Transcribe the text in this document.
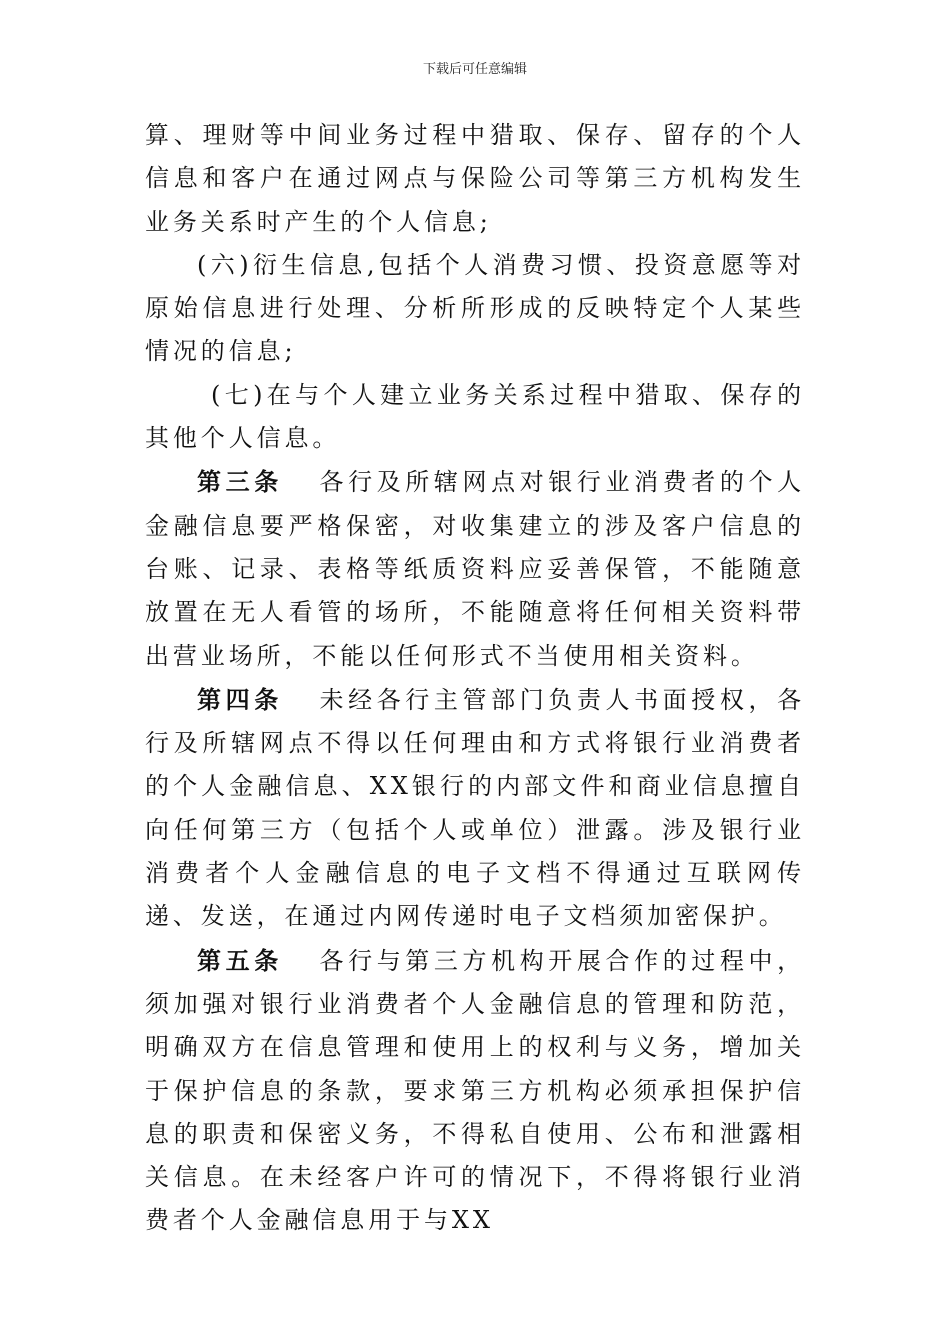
下载后可任意编辑

算、理财等中间业务过程中猎取、保存、留存的个人信息和客户在通过网点与保险公司等第三方机构发生业务关系时产生的个人信息;

(六)衍生信息,包括个人消费习惯、投资意愿等对原始信息进行处理、分析所形成的反映特定个人某些情况的信息;

(七)在与个人建立业务关系过程中猎取、保存的其他个人信息。

第三条 各行及所辖网点对银行业消费者的个人金融信息要严格保密，对收集建立的涉及客户信息的台账、记录、表格等纸质资料应妥善保管，不能随意放置在无人看管的场所，不能随意将任何相关资料带出营业场所，不能以任何形式不当使用相关资料。

第四条 未经各行主管部门负责人书面授权，各行及所辖网点不得以任何理由和方式将银行业消费者的个人金融信息、XX银行的内部文件和商业信息擅自向任何第三方（包括个人或单位）泄露。涉及银行业消费者个人金融信息的电子文档不得通过互联网传递、发送，在通过内网传递时电子文档须加密保护。

第五条 各行与第三方机构开展合作的过程中，须加强对银行业消费者个人金融信息的管理和防范，明确双方在信息管理和使用上的权利与义务，增加关于保护信息的条款，要求第三方机构必须承担保护信息的职责和保密义务，不得私自使用、公布和泄露相关信息。在未经客户许可的情况下，不得将银行业消费者个人金融信息用于与XX
